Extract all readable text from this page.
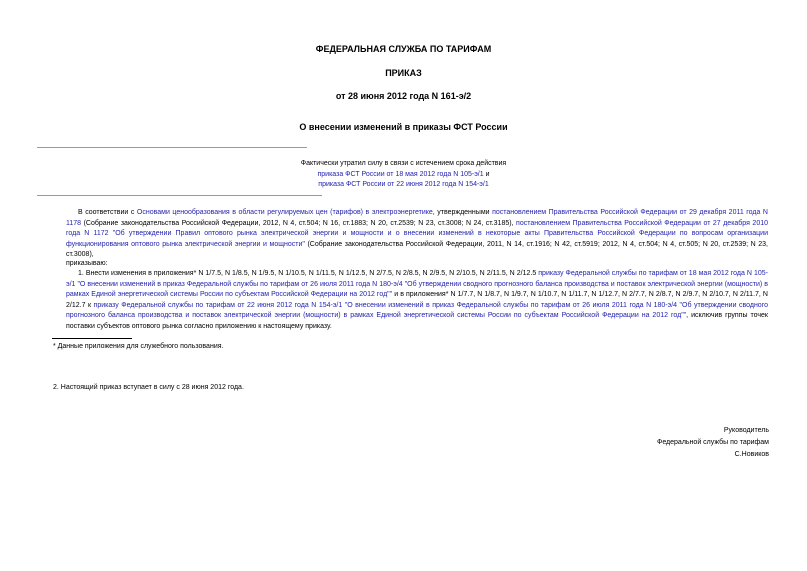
ФЕДЕРАЛЬНАЯ СЛУЖБА ПО ТАРИФАМ
ПРИКАЗ
от 28 июня 2012 года N 161-э/2
О внесении изменений в приказы ФСТ России
Фактически утратил силу в связи с истечением срока действия
приказа ФСТ России от 18 мая 2012 года N 105-э/1 и
приказа ФСТ России от 22 июня 2012 года N 154-э/1
В соответствии с Основами ценообразования в области регулируемых цен (тарифов) в электроэнергетике, утвержденными постановлением Правительства Российской Федерации от 29 декабря 2011 года N 1178 (Собрание законодательства Российской Федерации, 2012, N 4, ст.504; N 16, ст.1883; N 20, ст.2539; N 23, ст.3008; N 24, ст.3185), постановлением Правительства Российской Федерации от 27 декабря 2010 года N 1172 "Об утверждении Правил оптового рынка электрической энергии и мощности и о внесении изменений в некоторые акты Правительства Российской Федерации по вопросам организации функционирования оптового рынка электрической энергии и мощности" (Собрание законодательства Российской Федерации, 2011, N 14, ст.1916; N 42, ст.5919; 2012, N 4, ст.504; N 4, ст.505; N 20, ст.2539; N 23, ст.3008),
приказываю:
1. Внести изменения в приложения* N 1/7.5, N 1/8.5, N 1/9.5, N 1/10.5, N 1/11.5, N 1/12.5, N 2/7.5, N 2/8.5, N 2/9.5, N 2/10.5, N 2/11.5, N 2/12.5 приказу Федеральной службы по тарифам от 18 мая 2012 года N 105-э/1 "О внесении изменений в приказ Федеральной службы по тарифам от 26 июля 2011 года N 180-э/4 "Об утверждении сводного прогнозного баланса производства и поставок электрической энергии (мощности) в рамках Единой энергетической системы России по субъектам Российской Федерации на 2012 год"" и в приложения* N 1/7.7, N 1/8.7, N 1/9.7, N 1/10.7, N 1/11.7, N 1/12.7, N 2/7.7, N 2/8.7, N 2/9.7, N 2/10.7, N 2/11.7, N 2/12.7 к приказу Федеральной службы по тарифам от 22 июня 2012 года N 154-э/1 "О внесении изменений в приказ Федеральной службы по тарифам от 26 июля 2011 года N 180-э/4 "Об утверждении сводного прогнозного баланса производства и поставок электрической энергии (мощности) в рамках Единой энергетической системы России по субъектам Российской Федерации на 2012 год"", исключив группы точек поставки субъектов оптового рынка согласно приложению к настоящему приказу.
* Данные приложения для служебного пользования.
2. Настоящий приказ вступает в силу с 28 июня 2012 года.
Руководитель
Федеральной службы по тарифам
С.Новиков
